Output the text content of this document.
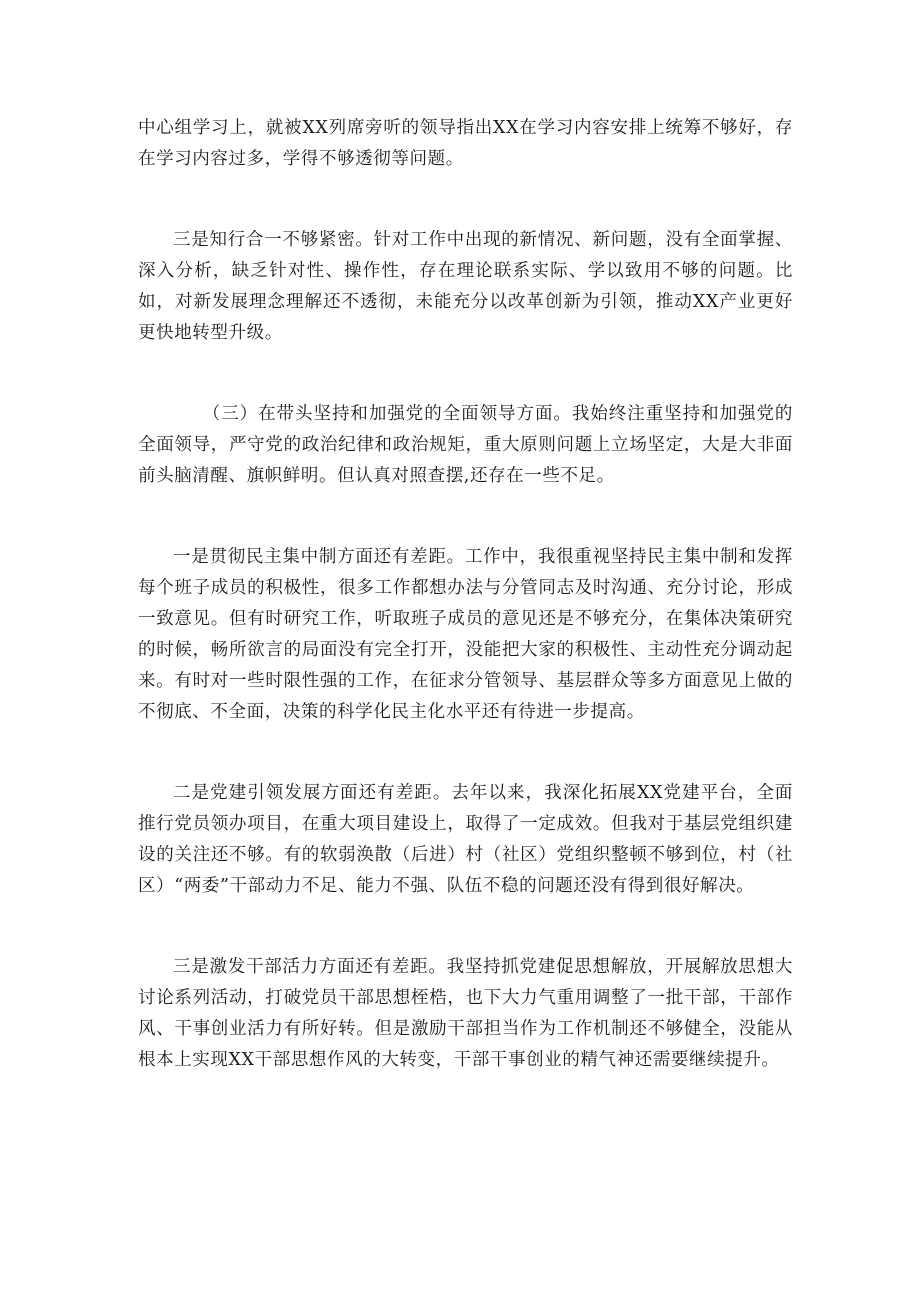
中心组学习上，就被XX列席旁听的领导指出XX在学习内容安排上统筹不够好，存在学习内容过多，学得不够透彻等问题。

三是知行合一不够紧密。针对工作中出现的新情况、新问题，没有全面掌握、深入分析，缺乏针对性、操作性，存在理论联系实际、学以致用不够的问题。比如，对新发展理念理解还不透彻，未能充分以改革创新为引领，推动XX产业更好更快地转型升级。

（三）在带头坚持和加强党的全面领导方面。我始终注重坚持和加强党的全面领导，严守党的政治纪律和政治规矩，重大原则问题上立场坚定，大是大非面前头脑清醒、旗帜鲜明。但认真对照查摆,还存在一些不足。

一是贯彻民主集中制方面还有差距。工作中，我很重视坚持民主集中制和发挥每个班子成员的积极性，很多工作都想办法与分管同志及时沟通、充分讨论，形成一致意见。但有时研究工作，听取班子成员的意见还是不够充分，在集体决策研究的时候，畅所欲言的局面没有完全打开，没能把大家的积极性、主动性充分调动起来。有时对一些时限性强的工作，在征求分管领导、基层群众等多方面意见上做的不彻底、不全面，决策的科学化民主化水平还有待进一步提高。

二是党建引领发展方面还有差距。去年以来，我深化拓展XX党建平台，全面推行党员领办项目，在重大项目建设上，取得了一定成效。但我对于基层党组织建设的关注还不够。有的软弱涣散（后进）村（社区）党组织整顿不够到位，村（社区）“两委”干部动力不足、能力不强、队伍不稳的问题还没有得到很好解决。

三是激发干部活力方面还有差距。我坚持抓党建促思想解放，开展解放思想大讨论系列活动，打破党员干部思想桎梏，也下大力气重用调整了一批干部，干部作风、干事创业活力有所好转。但是激励干部担当作为工作机制还不够健全，没能从根本上实现XX干部思想作风的大转变，干部干事创业的精气神还需要继续提升。
